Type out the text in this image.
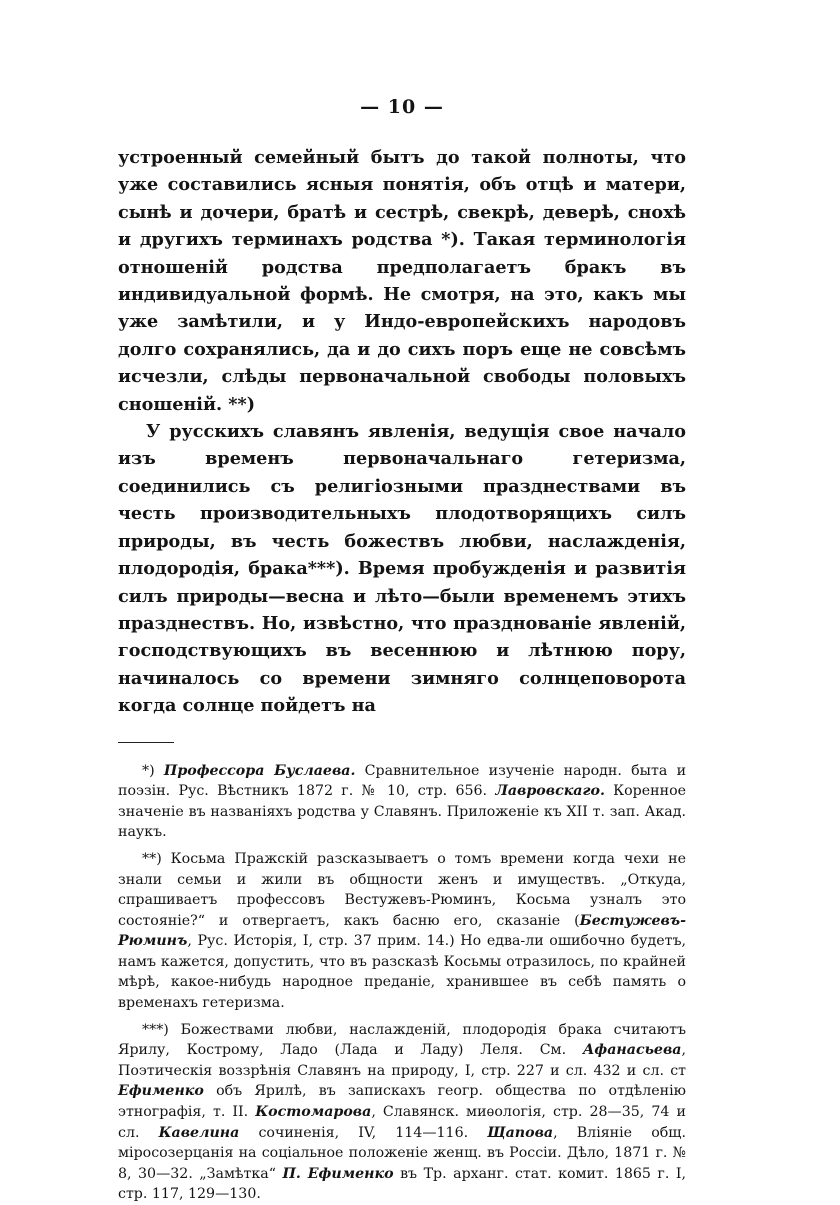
— 10 —

устроенный семейный бытъ до такой полноты, что уже составились ясныя понятія, объ отцѣ и матери, сынѣ и дочери, братѣ и сестрѣ, свекрѣ, деверѣ, снохѣ и другихъ терминахъ родства *). Такая терминологія отношеній родства предполагаетъ бракъ въ индивидуальной формѣ. Не смотря, на это, какъ мы уже замѣтили, и у Индо-европейскихъ народовъ долго сохранялись, да и до сихъ поръ еще не совсѣмъ исчезли, слѣды первоначальной свободы половыхъ сношеній. **)

У русскихъ славянъ явленія, ведущія свое начало изъ временъ первоначальнаго гетеризма, соединились съ религіозными празднествами въ честь производительныхъ плодотворящихъ силъ природы, въ честь божествъ любви, наслажденія, плодородія, брака***). Время пробужденія и развитія силъ природы—весна и лѣто—были временемъ этихъ празднествъ. Но, извѣстно, что празднованіе явленій, господствующихъ въ весеннюю и лѣтнюю пору, начиналось со времени зимняго солнцеповорота когда солнце пойдетъ на

*) Профессора Буслаева. Сравнительное изученіе народн. быта и поэзін. Рус. Вѣстникъ 1872 г. № 10, стр. 656. Лавровскаго. Коренное значеніе въ названіяхъ родства у Славянъ. Приложеніе къ XII т. зап. Акад. наукъ.

**) Косьма Пражскій разсказываетъ о томъ времени когда чехи не знали семьи и жили въ общности женъ и имуществъ. „Откуда, спрашиваетъ профессовъ Вестужевъ-Рюминъ, Косьма узналъ это состояніе?“ и отвергаетъ, какъ басню его, сказаніе (Бестужевъ-Рюминъ, Рус. Исторія, I, стр. 37 прим. 14.) Но едва-ли ошибочно будетъ, намъ кажется, допустить, что въ разсказѣ Косьмы отразилось, по крайней мѣрѣ, какое-нибудь народное преданіе, хранившее въ себѣ память о временахъ гетеризма.

***) Божествами любви, наслажденій, плодородія брака считаютъ Ярилу, Кострому, Ладо (Лада и Ладу) Леля. См. Афанасьева, Поэтическія воззрѣнія Славянъ на природу, I, стр. 227 и сл. 432 и сл. ст Ефименко объ Ярилѣ, въ запискахъ геогр. общества по отдѣленію этнографія, т. II. Костомарова, Славянск. миѳологія, стр. 28—35, 74 и сл. Кавелина сочиненія, IV, 114—116. Щапова, Вліяніе общ. міросозерцанія на соціальное положеніе женщ. въ Россіи. Дѣло, 1871 г. № 8, 30—32. „Замѣтка“ П. Ефименко въ Тр. арханг. стат. комит. 1865 г. I, стр. 117, 129—130.
